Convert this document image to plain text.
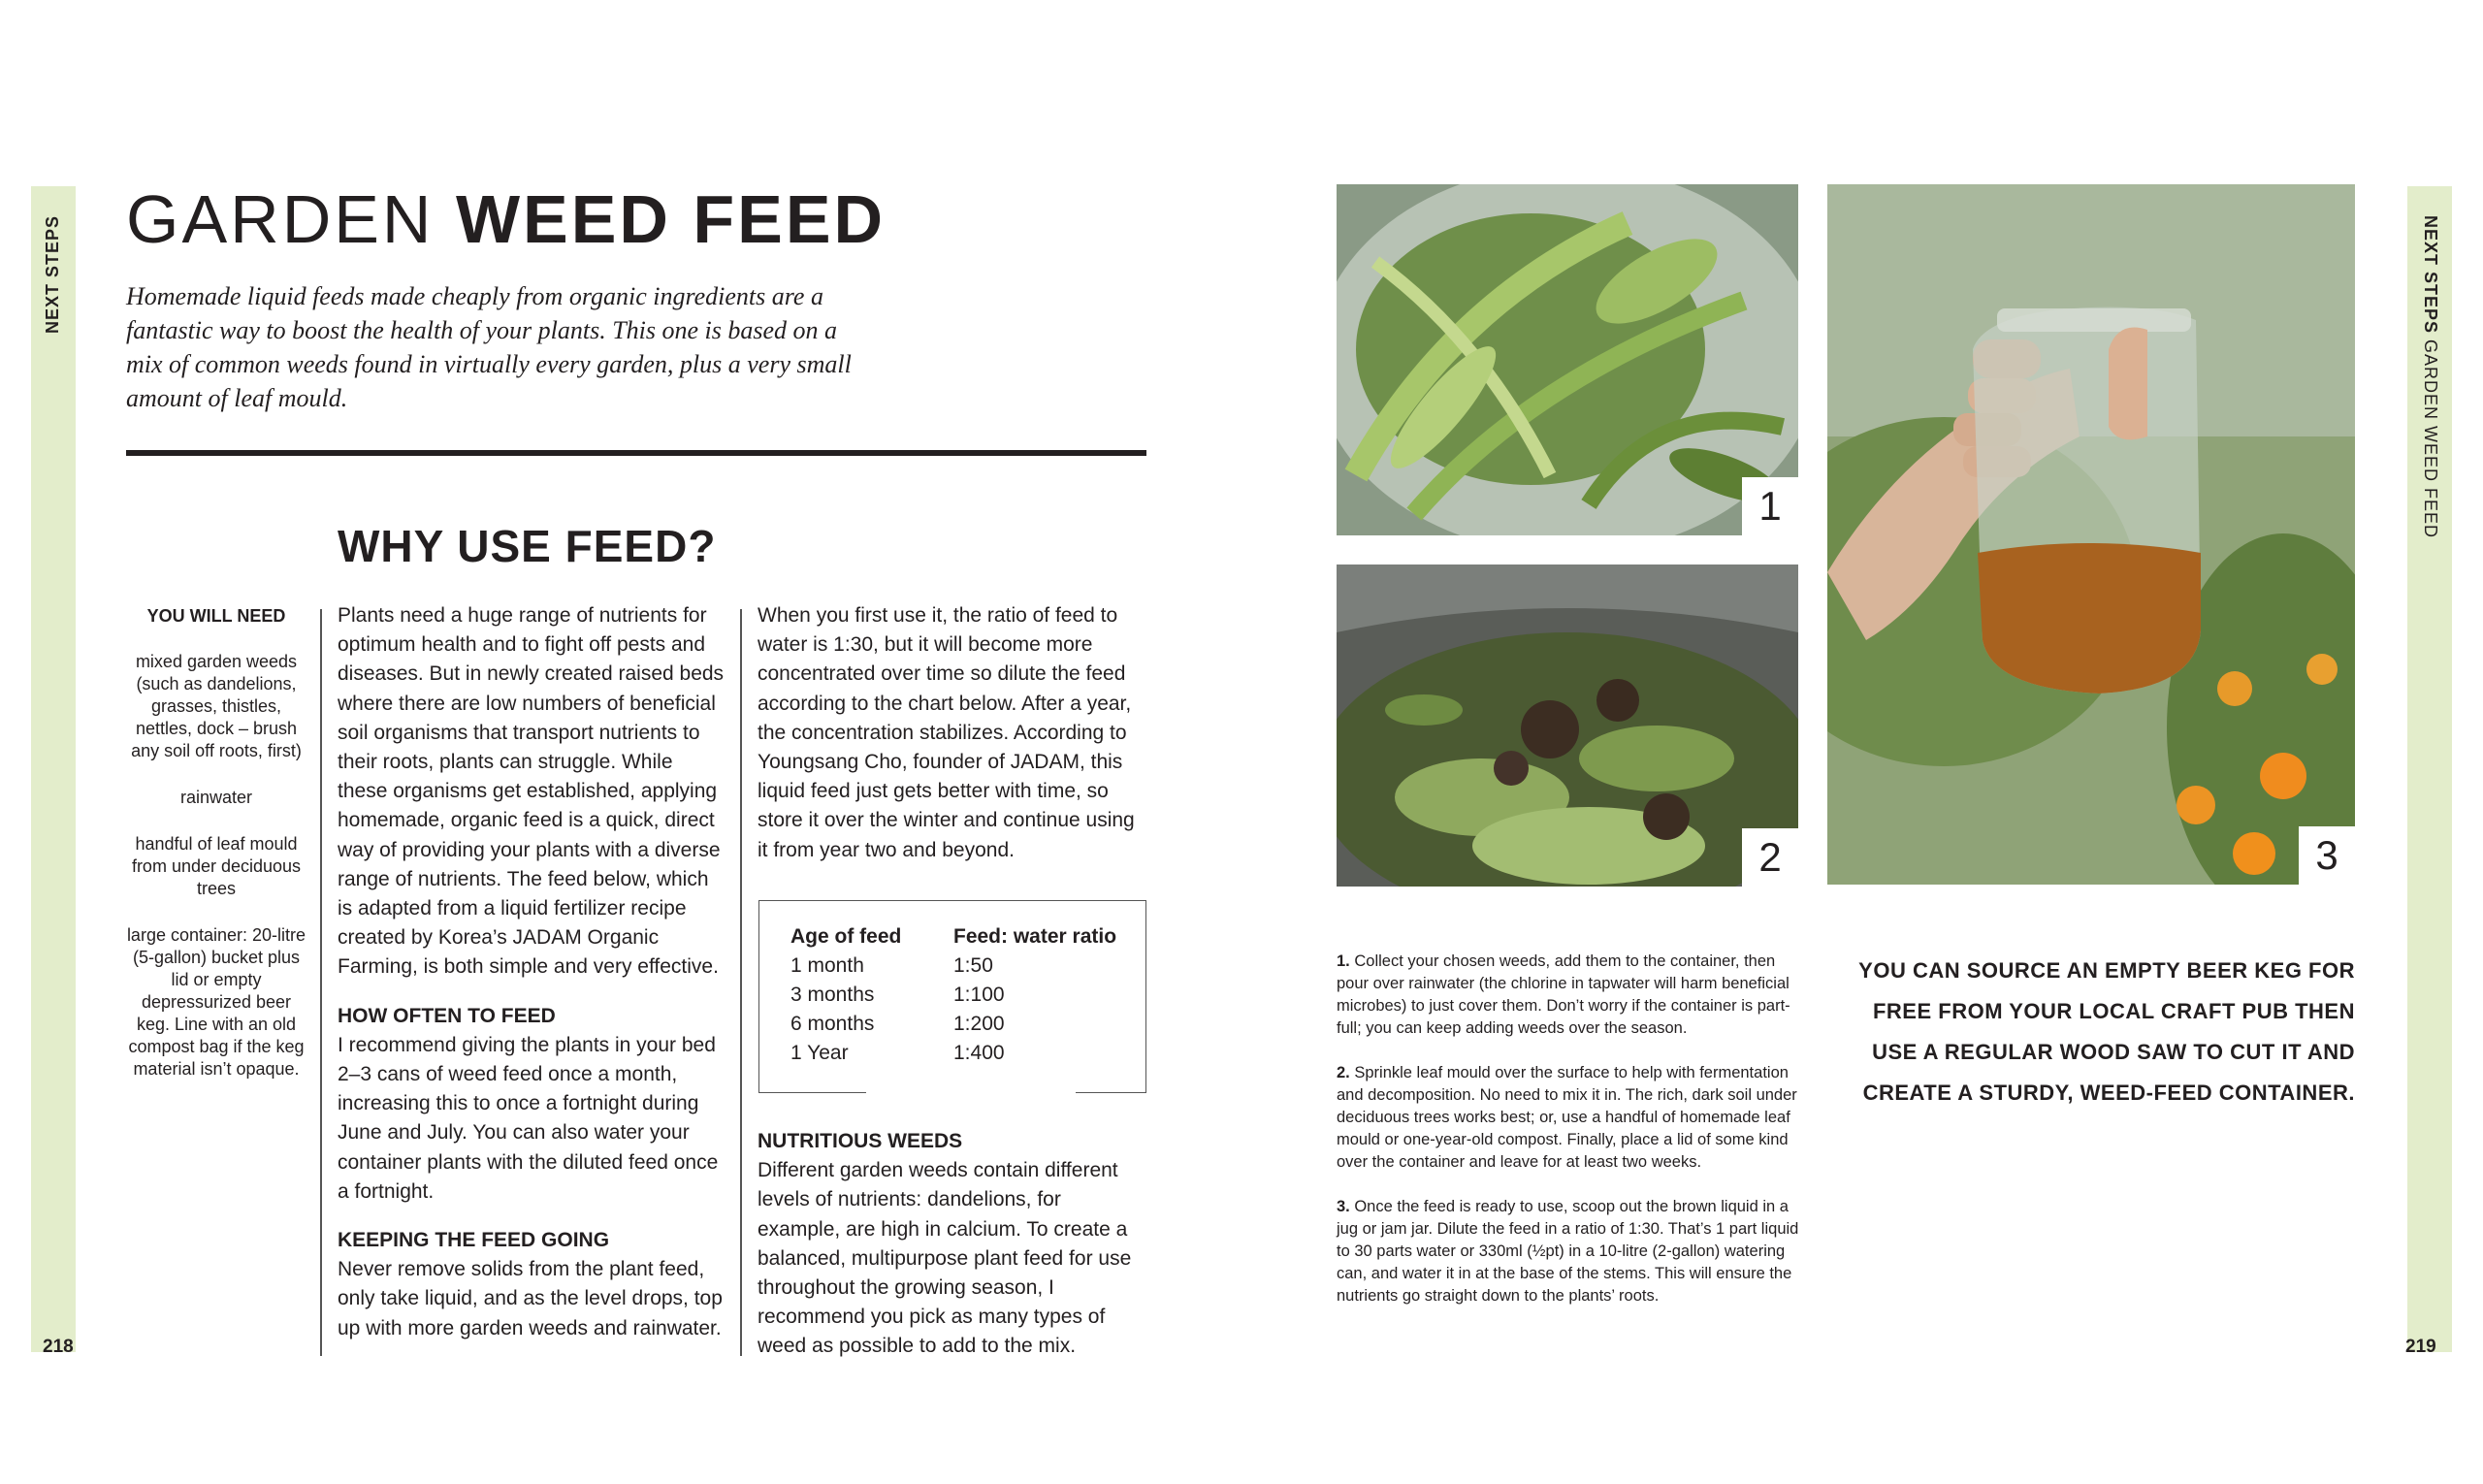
NEXT STEPS
218
GARDEN WEED FEED
Homemade liquid feeds made cheaply from organic ingredients are a fantastic way to boost the health of your plants. This one is based on a mix of common weeds found in virtually every garden, plus a very small amount of leaf mould.
WHY USE FEED?
YOU WILL NEED

mixed garden weeds (such as dandelions, grasses, thistles, nettles, dock – brush any soil off roots, first)

rainwater

handful of leaf mould from under deciduous trees

large container: 20-litre (5-gallon) bucket plus lid or empty depressurized beer keg. Line with an old compost bag if the keg material isn’t opaque.

Plants need a huge range of nutrients for optimum health and to fight off pests and diseases. But in newly created raised beds where there are low numbers of beneficial soil organisms that transport nutrients to their roots, plants can struggle. While these organisms get established, applying homemade, organic feed is a quick, direct way of providing your plants with a diverse range of nutrients. The feed below, which is adapted from a liquid fertilizer recipe created by Korea’s JADAM Organic Farming, is both simple and very effective.

HOW OFTEN TO FEED

I recommend giving the plants in your bed 2–3 cans of weed feed once a month, increasing this to once a fortnight during June and July. You can also water your container plants with the diluted feed once a fortnight.

KEEPING THE FEED GOING

Never remove solids from the plant feed, only take liquid, and as the level drops, top up with more garden weeds and rainwater.

When you first use it, the ratio of feed to water is 1:30, but it will become more concentrated over time so dilute the feed according to the chart below. After a year, the concentration stabilizes. According to Youngsang Cho, founder of JADAM, this liquid feed just gets better with time, so store it over the winter and continue using it from year two and beyond.

Age of feed	Feed: water ratio
1 month	1:50
3 months	1:100
6 months	1:200
1 Year	1:400

NUTRITIOUS WEEDS

Different garden weeds contain different levels of nutrients: dandelions, for example, are high in calcium. To create a balanced, multipurpose plant feed for use throughout the growing season, I recommend you pick as many types of weed as possible to add to the mix.

1
2	3

1. Collect your chosen weeds, add them to the container, then pour over rainwater (the chlorine in tapwater will harm beneficial microbes) to just cover them. Don’t worry if the container is part-full; you can keep adding weeds over the season.

2. Sprinkle leaf mould over the surface to help with fermentation and decomposition. No need to mix it in. The rich, dark soil under deciduous trees works best; or, use a handful of homemade leaf mould or one-year-old compost. Finally, place a lid of some kind over the container and leave for at least two weeks.

3. Once the feed is ready to use, scoop out the brown liquid in a jug or jam jar. Dilute the feed in a ratio of 1:30. That’s 1 part liquid to 30 parts water or 330ml (½pt) in a 10-litre (2-gallon) watering can, and water it in at the base of the stems. This will ensure the nutrients go straight down to the plants’ roots.

YOU CAN SOURCE AN EMPTY BEER KEG FOR FREE FROM YOUR LOCAL CRAFT PUB THEN USE A REGULAR WOOD SAW TO CUT IT AND CREATE A STURDY, WEED-FEED CONTAINER.
NEXT STEPS GARDEN WEED FEED
219
